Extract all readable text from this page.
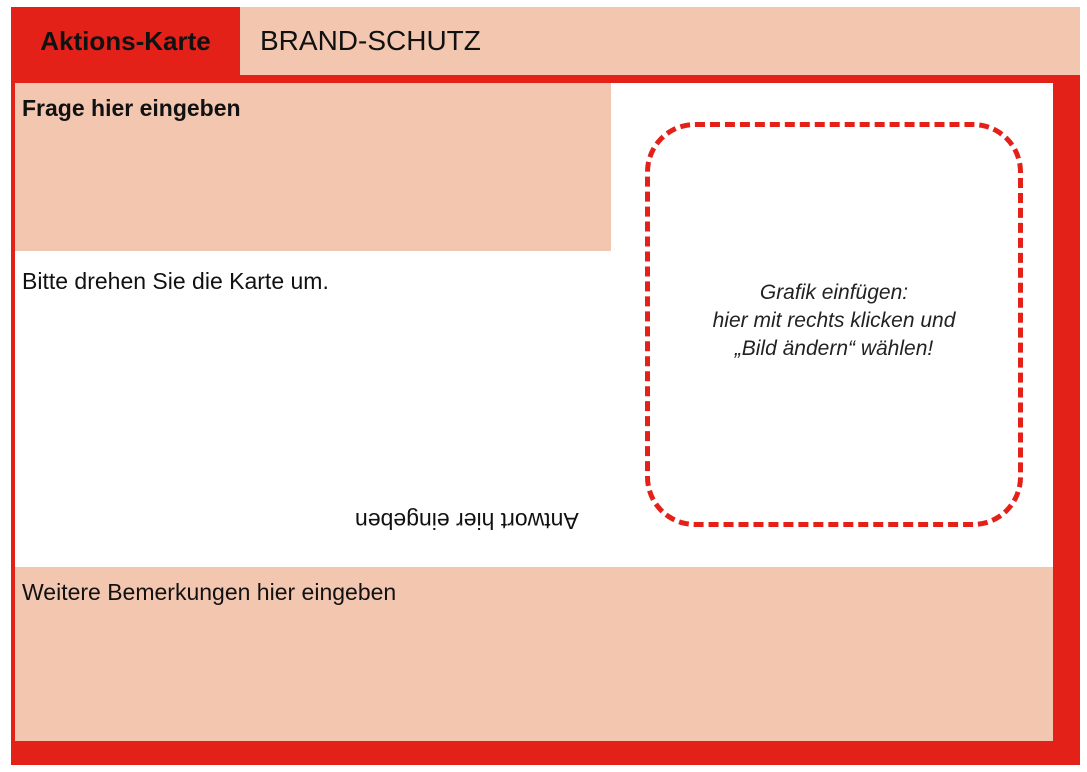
Aktions-Karte	BRAND-SCHUTZ
Frage hier eingeben
Bitte drehen Sie die Karte um.
Antwort hier eingeben
Grafik einfügen:
hier mit rechts klicken und
„Bild ändern“ wählen!
Weitere Bemerkungen hier eingeben
